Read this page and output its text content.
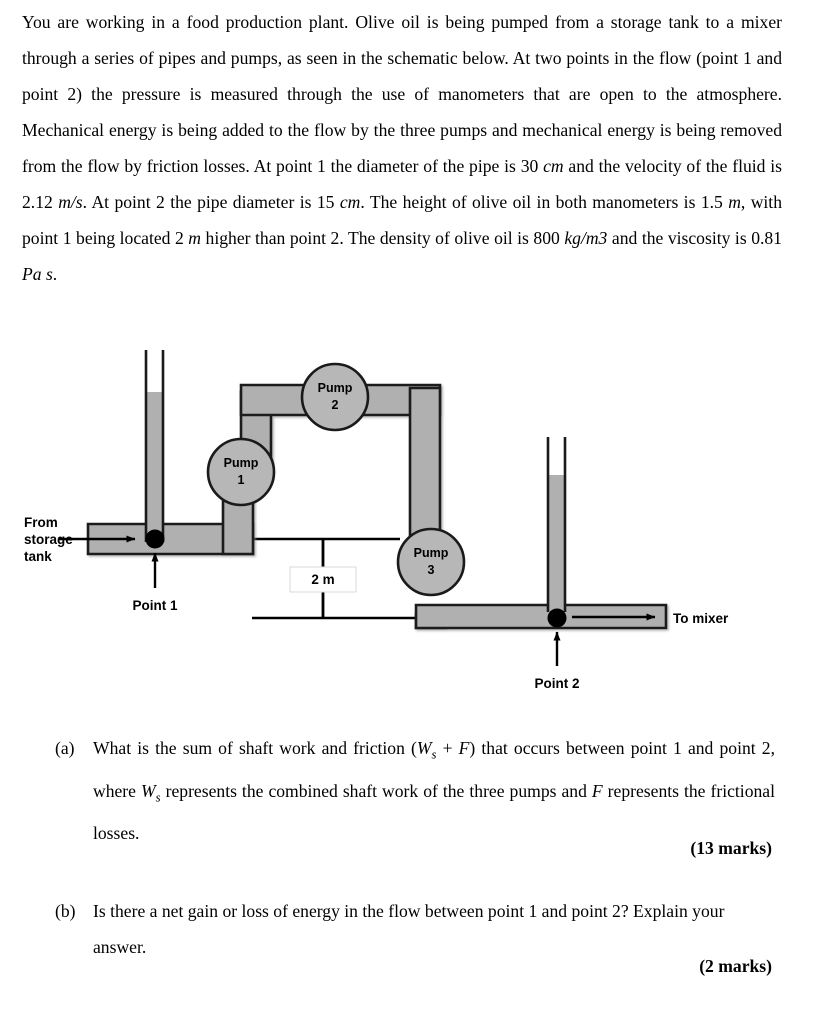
You are working in a food production plant. Olive oil is being pumped from a storage tank to a mixer through a series of pipes and pumps, as seen in the schematic below. At two points in the flow (point 1 and point 2) the pressure is measured through the use of manometers that are open to the atmosphere. Mechanical energy is being added to the flow by the three pumps and mechanical energy is being removed from the flow by friction losses. At point 1 the diameter of the pipe is 30 cm and the velocity of the fluid is 2.12 m/s. At point 2 the pipe diameter is 15 cm. The height of olive oil in both manometers is 1.5 m, with point 1 being located 2 m higher than point 2. The density of olive oil is 800 kg/m3 and the viscosity is 0.81 Pa s.
Pump
2
Pump
1
Pump
3
2 m
From
storage
tank
Point 1
Point 2
To mixer
(a)	What is the sum of shaft work and friction $(W_s + F)$ that occurs between point 1 and point 2, where $W_s$ represents the combined shaft work of the three pumps and F represents the frictional losses.
(13 marks)
(b) Is there a net gain or loss of energy in the flow between point 1 and point 2? Explain your answer.
(2 marks)
